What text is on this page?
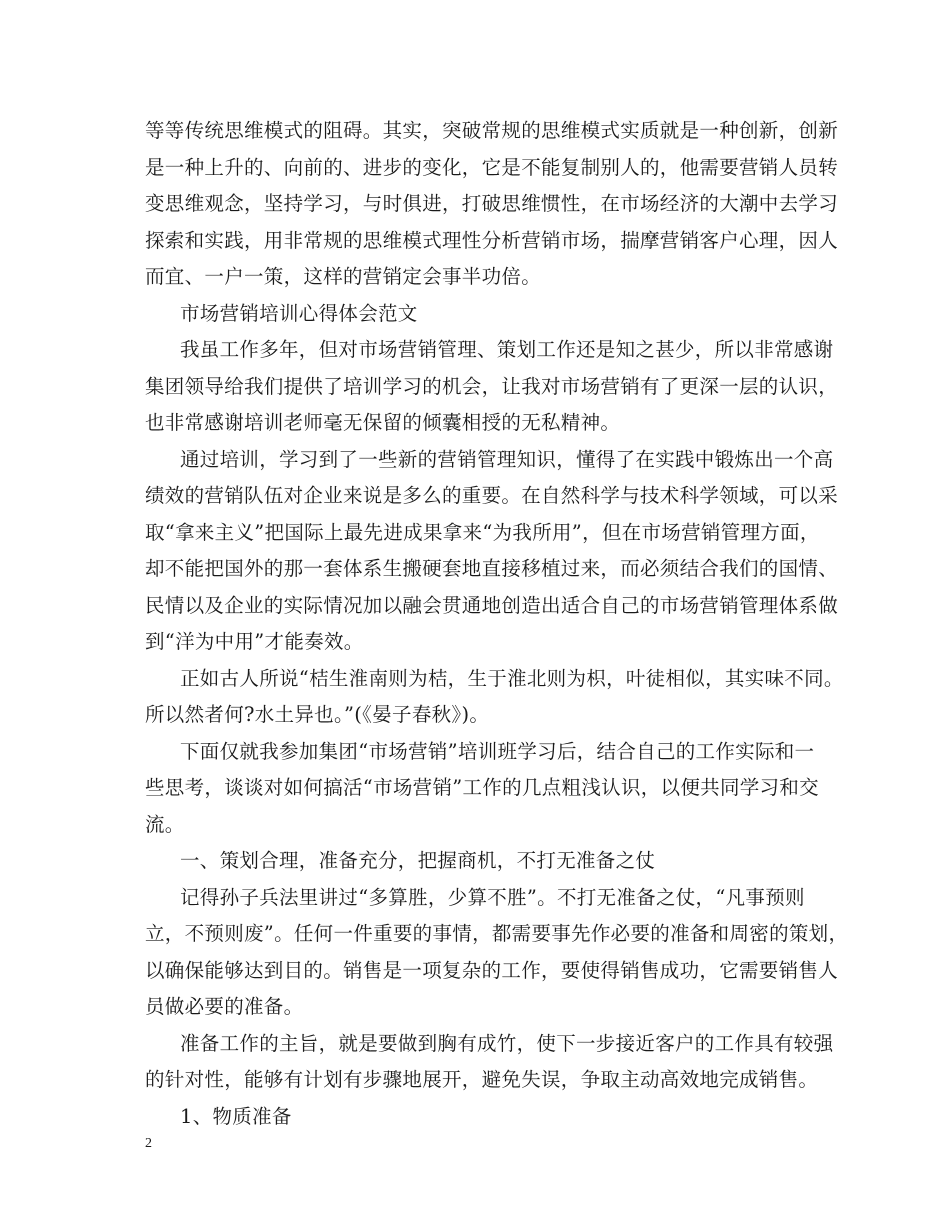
等等传统思维模式的阻碍。其实，突破常规的思维模式实质就是一种创新，创新
是一种上升的、向前的、进步的变化，它是不能复制别人的，他需要营销人员转
变思维观念，坚持学习，与时俱进，打破思维惯性，在市场经济的大潮中去学习
探索和实践，用非常规的思维模式理性分析营销市场，揣摩营销客户心理，因人
而宜、一户一策，这样的营销定会事半功倍。
市场营销培训心得体会范文
我虽工作多年，但对市场营销管理、策划工作还是知之甚少，所以非常感谢
集团领导给我们提供了培训学习的机会，让我对市场营销有了更深一层的认识，
也非常感谢培训老师毫无保留的倾囊相授的无私精神。
通过培训，学习到了一些新的营销管理知识，懂得了在实践中锻炼出一个高
绩效的营销队伍对企业来说是多么的重要。在自然科学与技术科学领域，可以采
取“拿来主义”把国际上最先进成果拿来“为我所用”，但在市场营销管理方面，
却不能把国外的那一套体系生搬硬套地直接移植过来，而必须结合我们的国情、
民情以及企业的实际情况加以融会贯通地创造出适合自己的市场营销管理体系做
到“洋为中用”才能奏效。
正如古人所说“桔生淮南则为桔，生于淮北则为枳，叶徒相似，其实味不同。
所以然者何?水土异也。”(《晏子春秋》)。
下面仅就我参加集团“市场营销”培训班学习后，结合自己的工作实际和一
些思考，谈谈对如何搞活“市场营销”工作的几点粗浅认识，以便共同学习和交
流。
一、策划合理，准备充分，把握商机，不打无准备之仗
记得孙子兵法里讲过“多算胜，少算不胜”。不打无准备之仗，“凡事预则
立，不预则废”。任何一件重要的事情，都需要事先作必要的准备和周密的策划，
以确保能够达到目的。销售是一项复杂的工作，要使得销售成功，它需要销售人
员做必要的准备。
准备工作的主旨，就是要做到胸有成竹，使下一步接近客户的工作具有较强
的针对性，能够有计划有步骤地展开，避免失误，争取主动高效地完成销售。
1、物质准备
2
